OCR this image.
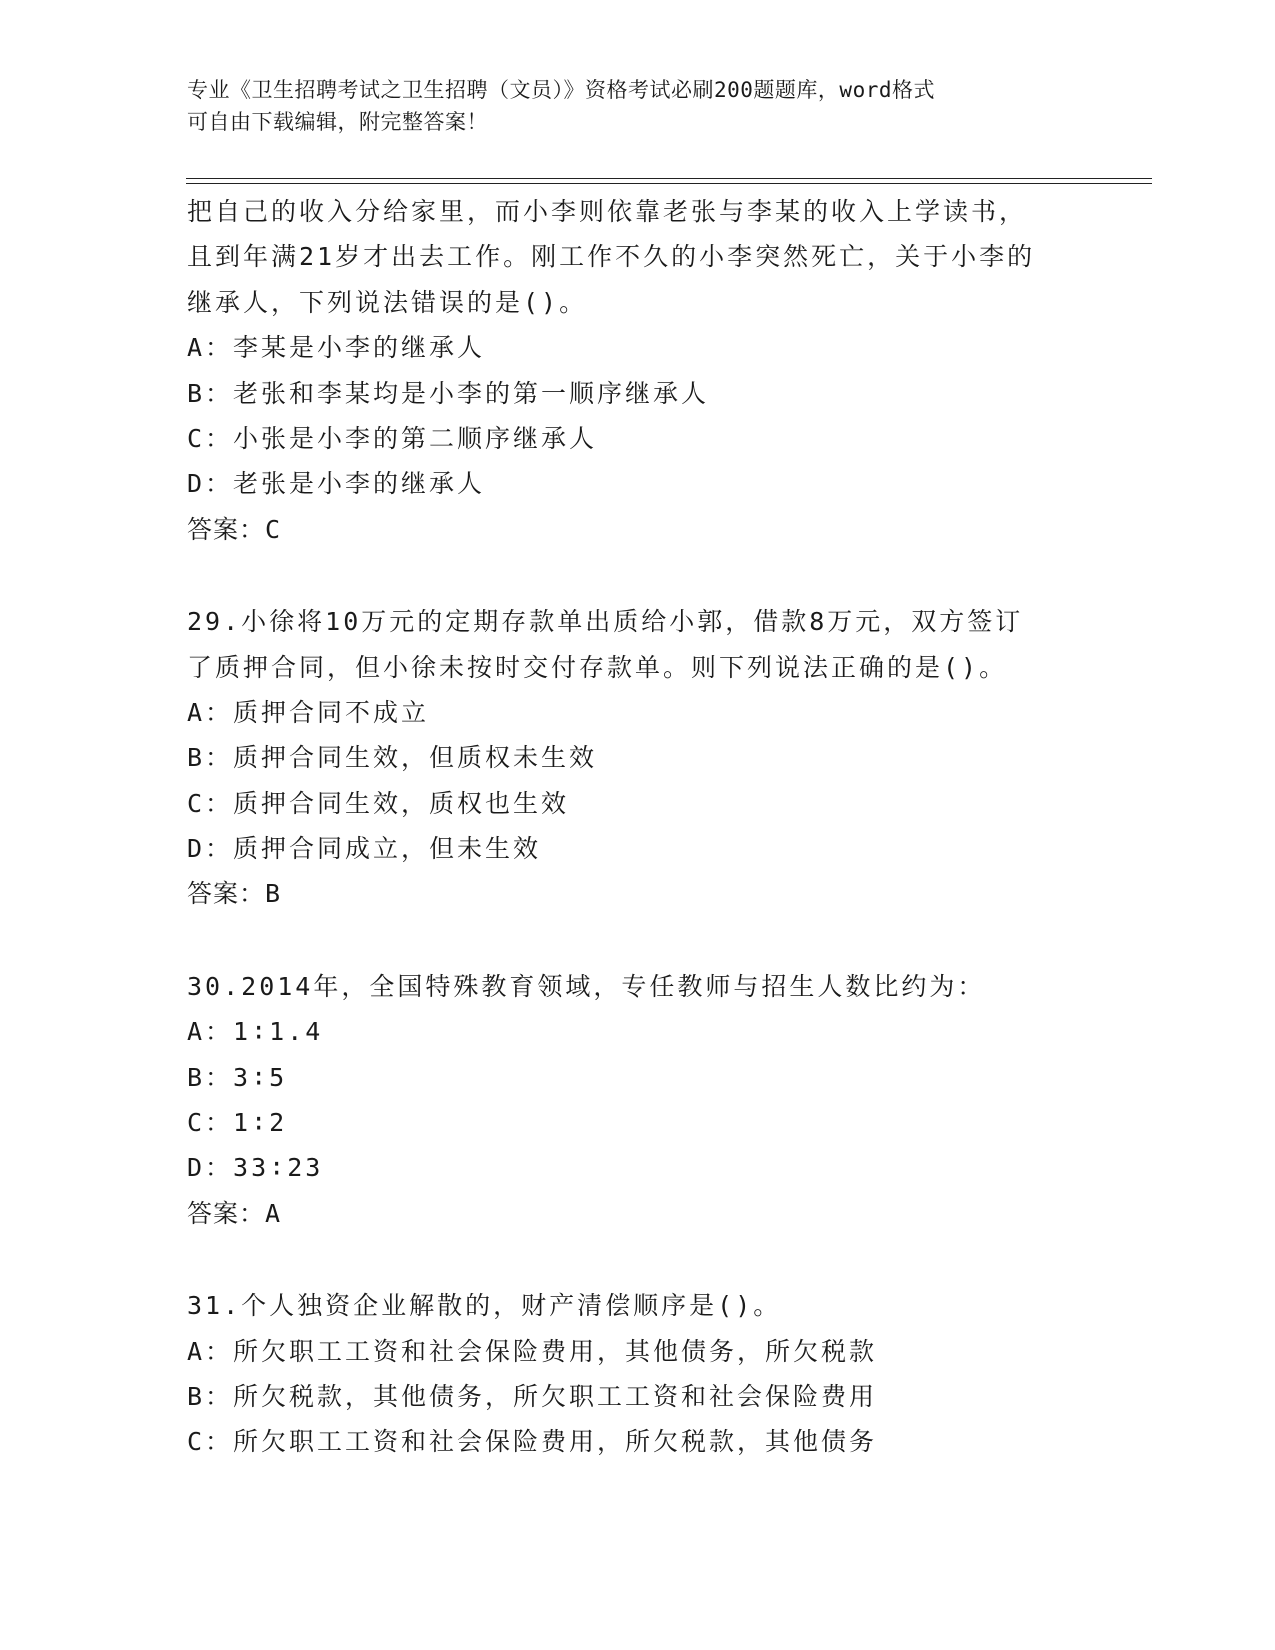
专业《卫生招聘考试之卫生招聘（文员）》资格考试必刷200题题库，word格式
可自由下载编辑，附完整答案！
把自己的收入分给家里，而小李则依靠老张与李某的收入上学读书，
且到年满21岁才出去工作。刚工作不久的小李突然死亡，关于小李的
继承人，下列说法错误的是()。
A：李某是小李的继承人
B：老张和李某均是小李的第一顺序继承人
C：小张是小李的第二顺序继承人
D：老张是小李的继承人
答案：C
29.小徐将10万元的定期存款单出质给小郭，借款8万元，双方签订
了质押合同，但小徐未按时交付存款单。则下列说法正确的是()。
A：质押合同不成立
B：质押合同生效，但质权未生效
C：质押合同生效，质权也生效
D：质押合同成立，但未生效
答案：B
30.2014年，全国特殊教育领域，专任教师与招生人数比约为：
A：1∶1.4
B：3∶5
C：1∶2
D：33∶23
答案：A
31.个人独资企业解散的，财产清偿顺序是()。
A：所欠职工工资和社会保险费用，其他债务，所欠税款
B：所欠税款，其他债务，所欠职工工资和社会保险费用
C：所欠职工工资和社会保险费用，所欠税款，其他债务
